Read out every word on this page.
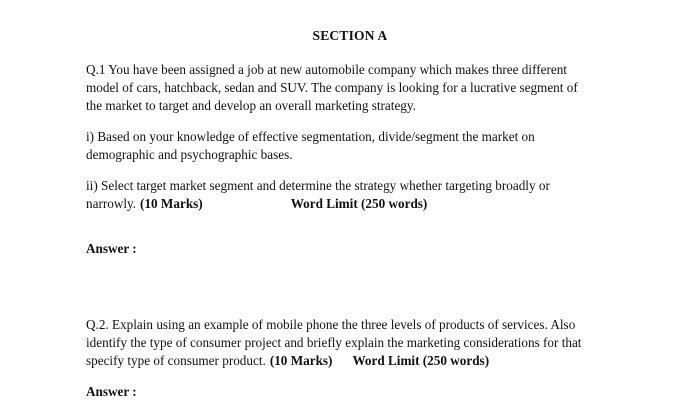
SECTION A
Q.1 You have been assigned a job at new automobile company which makes three different
model of cars, hatchback, sedan and SUV. The company is looking for a lucrative segment of
the market to target and develop an overall marketing strategy.
i) Based on your knowledge of effective segmentation, divide/segment the market on
demographic and psychographic bases.
ii) Select target market segment and determine the strategy whether targeting broadly or
narrowly. (10 Marks)	Word Limit (250 words)
Answer :
Q.2. Explain using an example of mobile phone the three levels of products of services. Also
identify the type of consumer project and briefly explain the marketing considerations for that
specify type of consumer product. (10 Marks) Word Limit (250 words)
Answer :
